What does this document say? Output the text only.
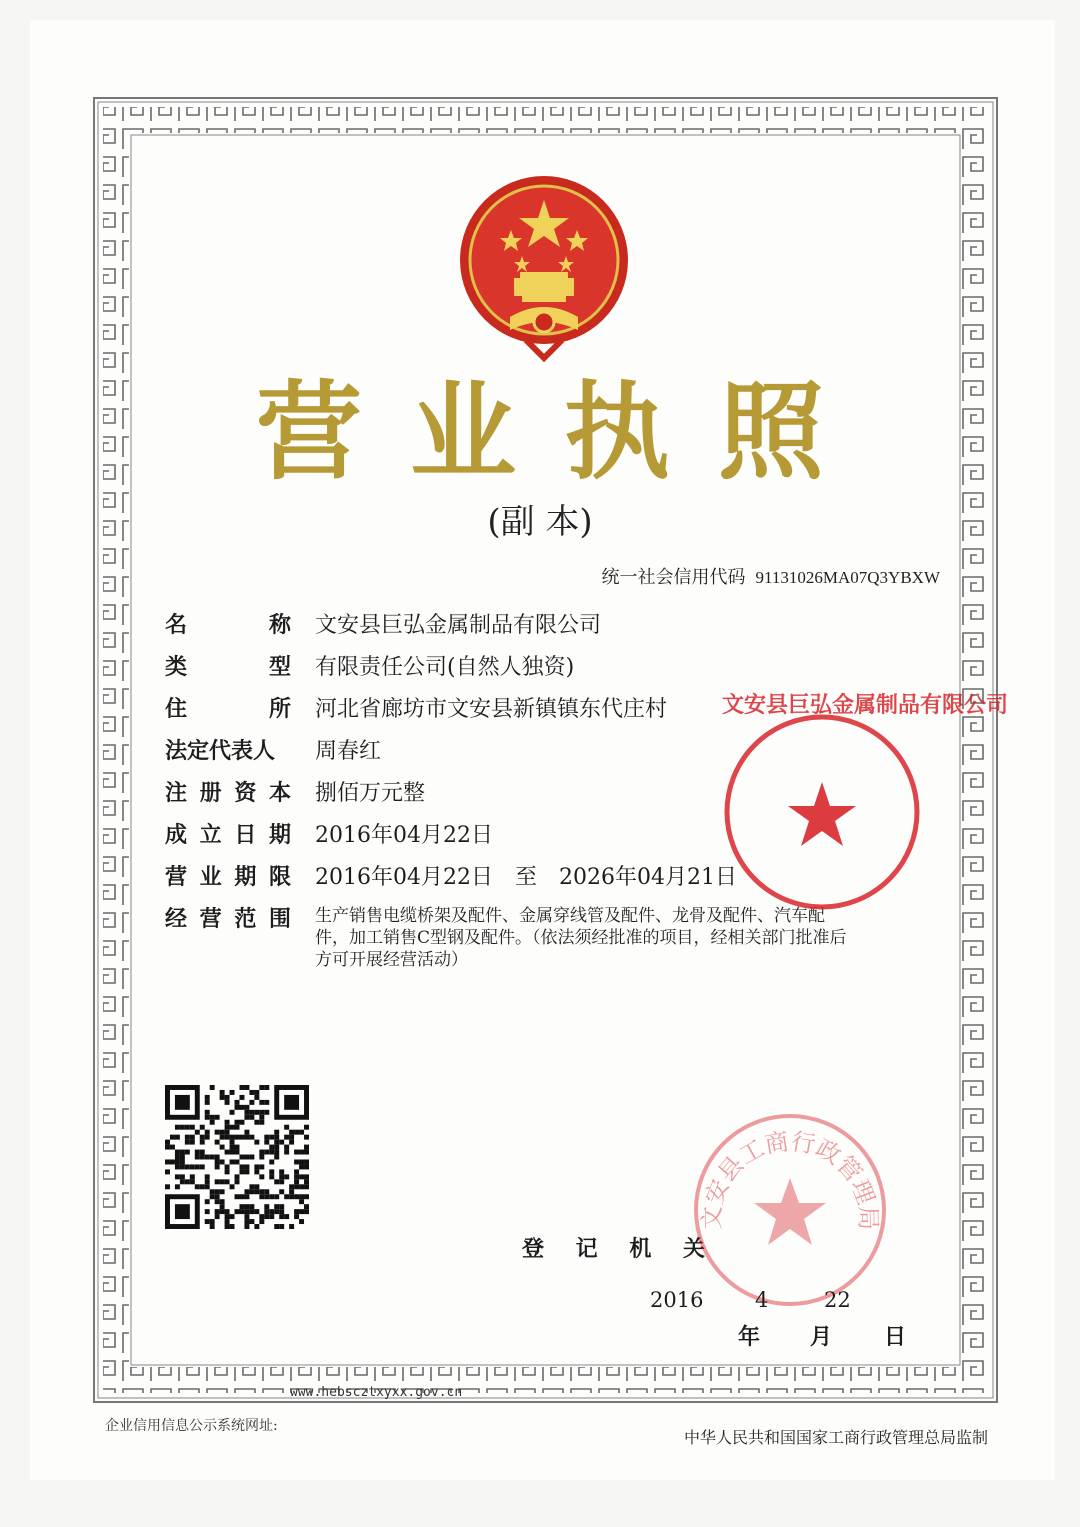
营业执照
(副 本)
统一社会信用代码 91131026MA07Q3YBXW
名	称 文安县巨弘金属制品有限公司
类	型 有限责任公司(自然人独资)
住	所 河北省廊坊市文安县新镇镇东代庄村
法定代表人	周春红
注 册 资 本 捌佰万元整
成 立 日 期 2016年04月22日
营 业 期 限 2016年04月22日　至　2026年04月21日
经 营 范 围 生产销售电缆桥架及配件、金属穿线管及配件、龙骨及配件、汽车配件，加工销售C型钢及配件。（依法须经批准的项目，经相关部门批准后方可开展经营活动）
文安县巨弘金属制品有限公司
登 记 机 关
文安县工商行政管理局
2016 4	22
年 月 日
www.hebscztxyxx.gov.cn
企业信用信息公示系统网址:
中华人民共和国国家工商行政管理总局监制
